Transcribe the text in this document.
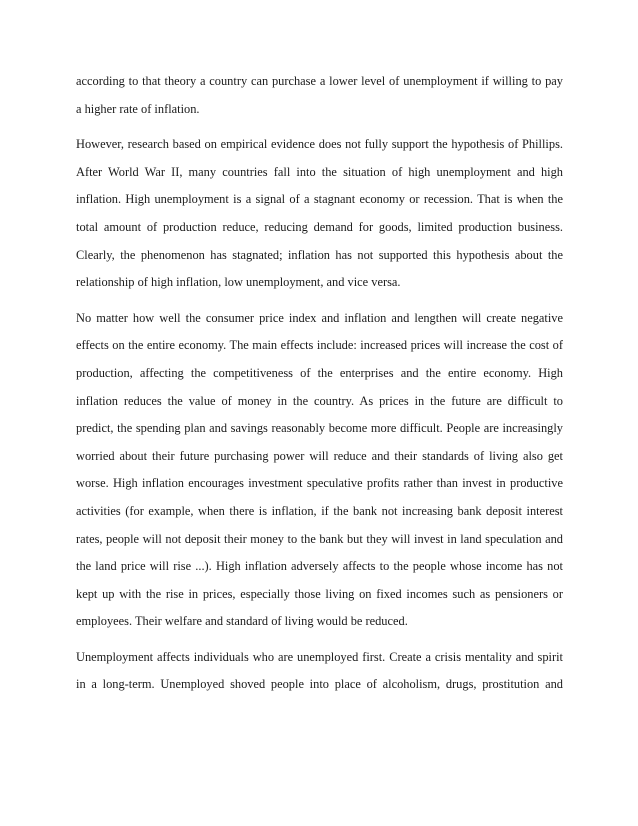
according to that theory a country can purchase a lower level of unemployment if willing to pay
a higher rate of inflation.

However, research based on empirical evidence does not fully support the hypothesis of Phillips.
After World War II, many countries fall into the situation of high unemployment and high
inflation. High unemployment is a signal of a stagnant economy or recession. That is when the
total amount of production reduce, reducing demand for goods, limited production business.
Clearly, the phenomenon has stagnated; inflation has not supported this hypothesis about the
relationship of high inflation, low unemployment, and vice versa.

No matter how well the consumer price index and inflation and lengthen will create negative
effects on the entire economy. The main effects include: increased prices will increase the cost of
production, affecting the competitiveness of the enterprises and the entire economy. High
inflation reduces the value of money in the country. As prices in the future are difficult to
predict, the spending plan and savings reasonably become more difficult. People are increasingly
worried about their future purchasing power will reduce and their standards of living also get
worse. High inflation encourages investment speculative profits rather than invest in productive
activities (for example, when there is inflation, if the bank not increasing bank deposit interest
rates, people will not deposit their money to the bank but they will invest in land speculation and
the land price will rise ...). High inflation adversely affects to the people whose income has not
kept up with the rise in prices, especially those living on fixed incomes such as pensioners or
employees. Their welfare and standard of living would be reduced.

Unemployment affects individuals who are unemployed first. Create a crisis mentality and spirit
in a long-term. Unemployed shoved people into place of alcoholism, drugs, prostitution and
